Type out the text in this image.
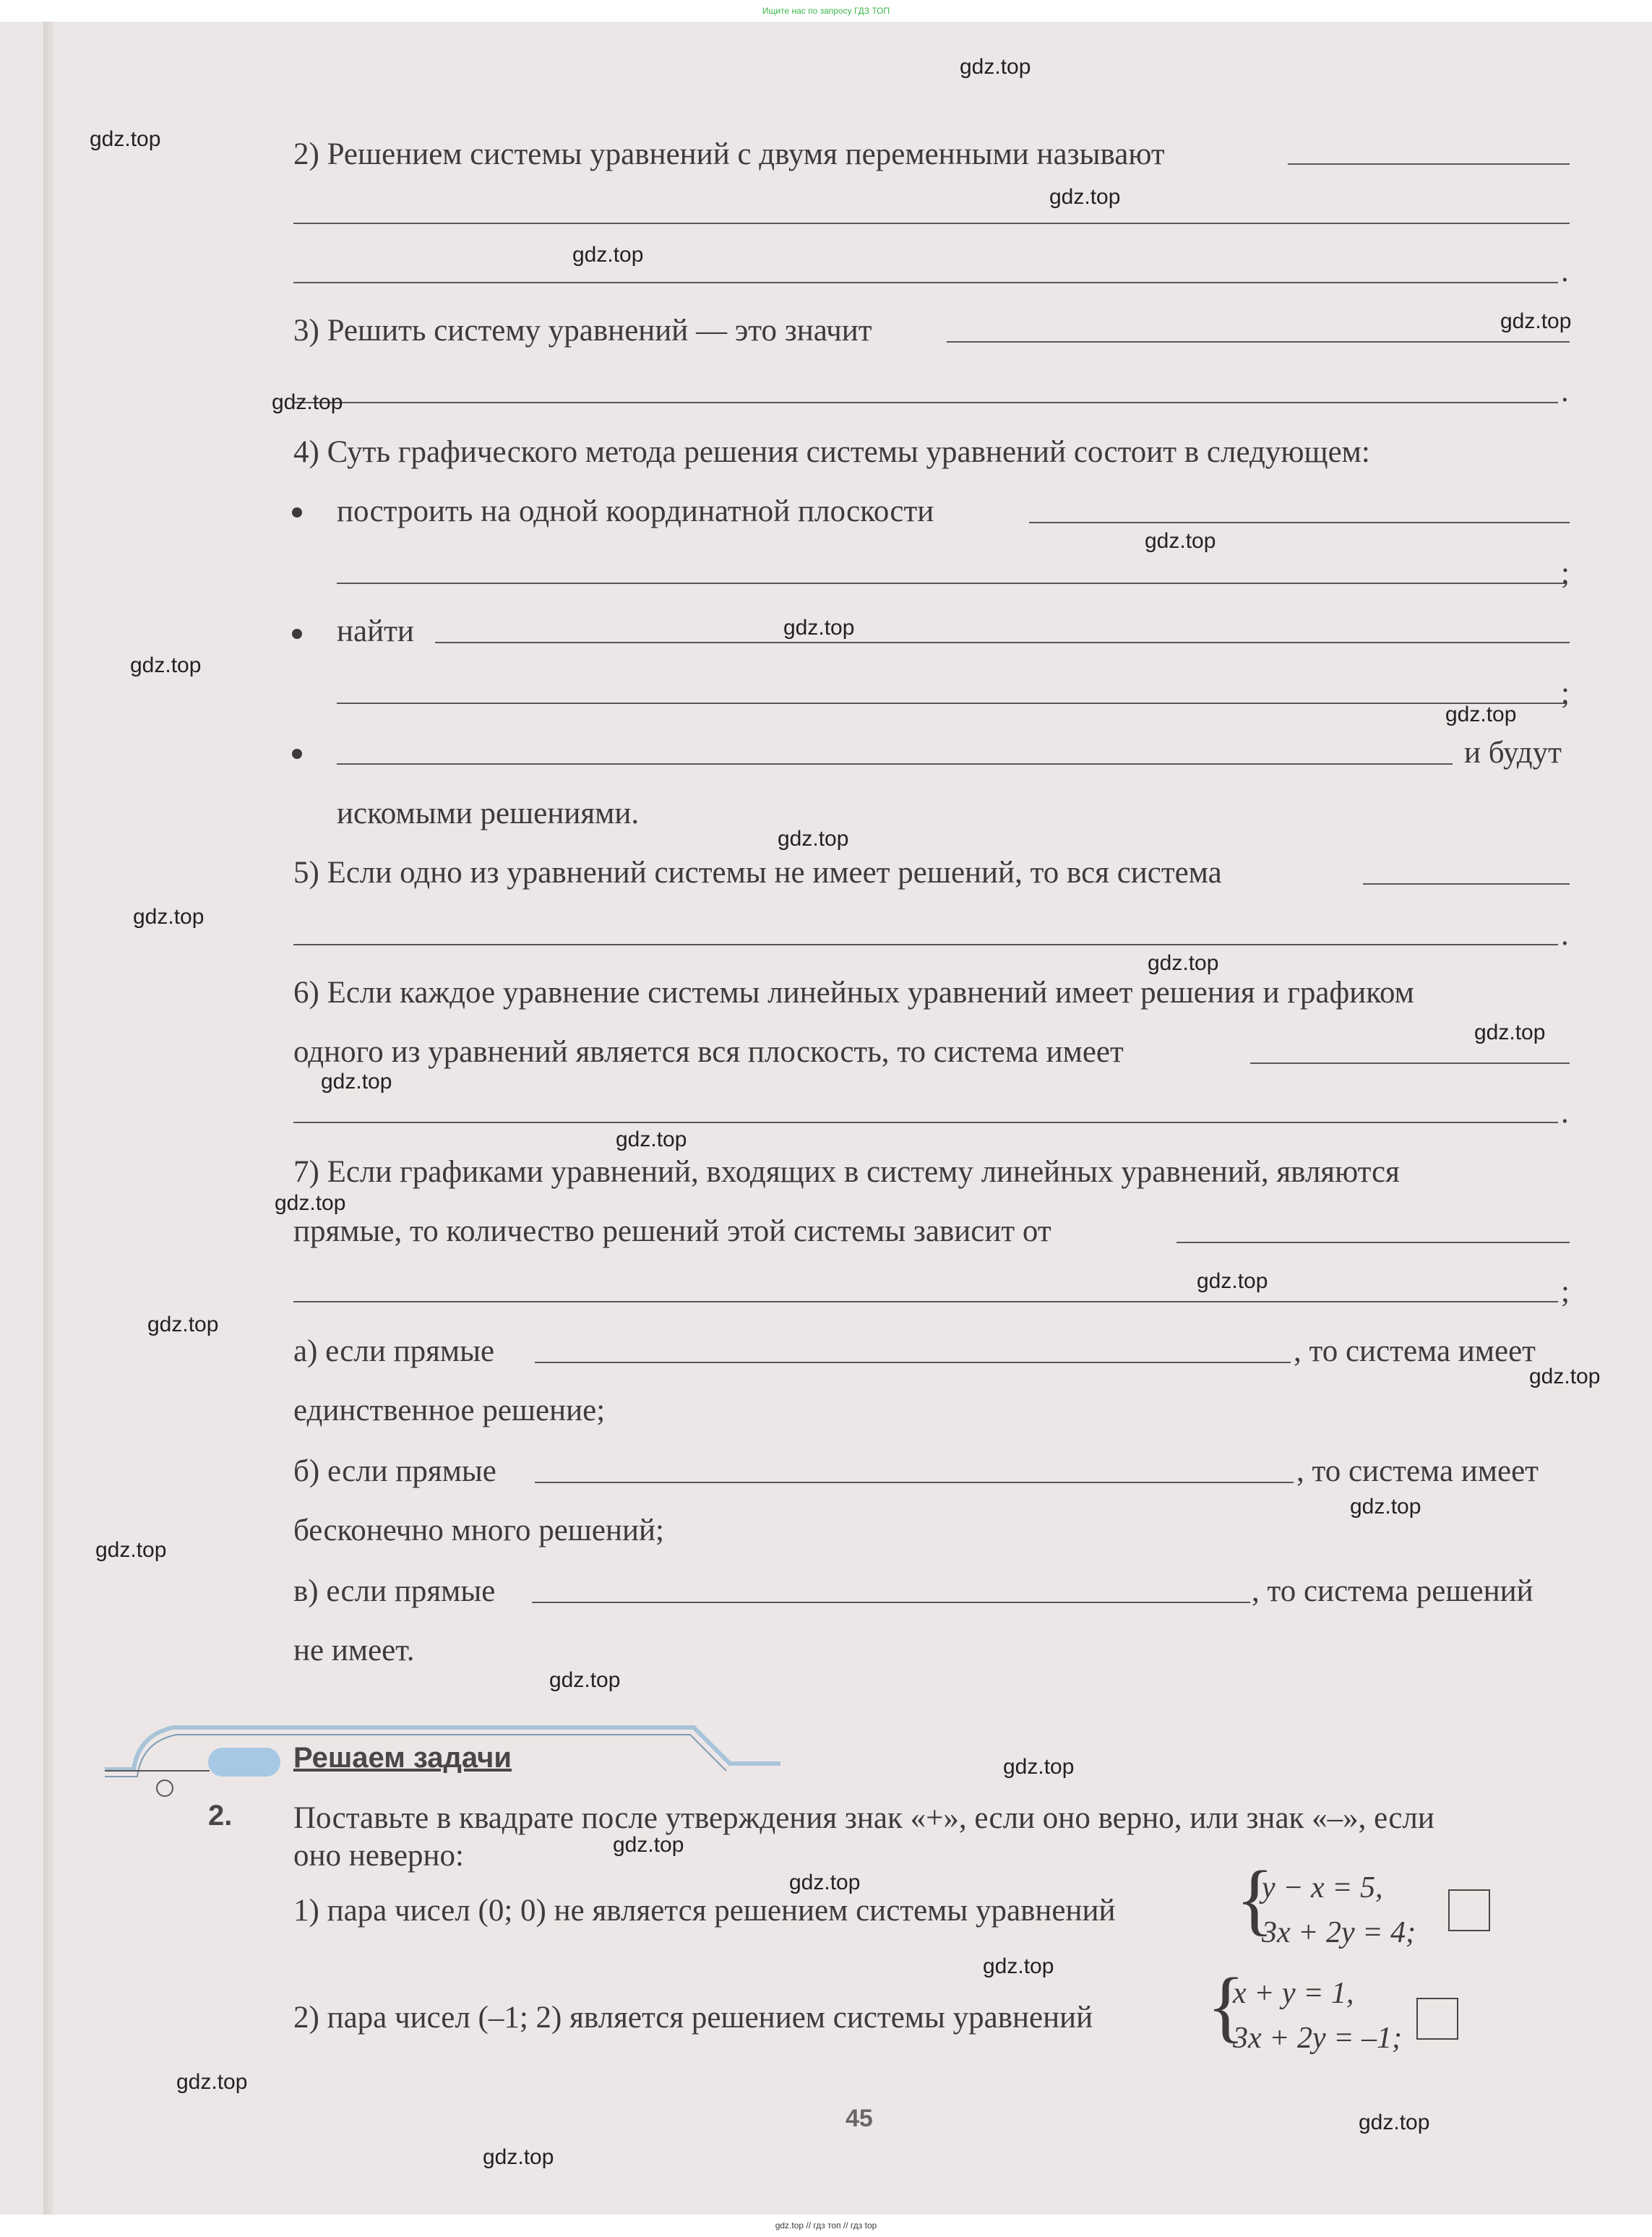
2) Решением системы уравнений с двумя переменными называют
.
3) Решить систему уравнений — это значит
.
4) Суть графического метода решения системы уравнений состоит в следующем:
построить на одной координатной плоскости
;
найти
;
и будут
искомыми решениями.
5) Если одно из уравнений системы не имеет решений, то вся система
.
6) Если каждое уравнение системы линейных уравнений имеет решения и графиком
одного из уравнений является вся плоскость, то система имеет
.
7) Если графиками уравнений, входящих в систему линейных уравнений, являются
прямые, то количество решений этой системы зависит от
;
а) если прямые	, то система имеет
единственное решение;
б) если прямые	, то система имеет
бесконечно много решений;
в) если прямые	, то система решений
не имеет.
Решаем задачи
2. Поставьте в квадрате после утверждения знак «+», если оно верно, или знак «–», если
оно неверно:
1) пара чисел (0; 0) не является решением системы уравнений {
y − x = 5,
3x + 2y = 4;
2) пара чисел (–1; 2) является решением системы уравнений {
x + y = 1,
3x + 2y = –1;
45
gdz.top
gdz.top
gdz.top
gdz.top
gdz.top
gdz.top
gdz.top
gdz.top
gdz.top
gdz.top
gdz.top
gdz.top
gdz.top
gdz.top
gdz.top
gdz.top
gdz.top
gdz.top
gdz.top
gdz.top
gdz.top
gdz.top
gdz.top
gdz.top
gdz.top
gdz.top
gdz.top
gdz.top
gdz.top
gdz.top
Ищите нас по запросу ГДЗ ТОП
gdz.top // гдз топ // гдз top
